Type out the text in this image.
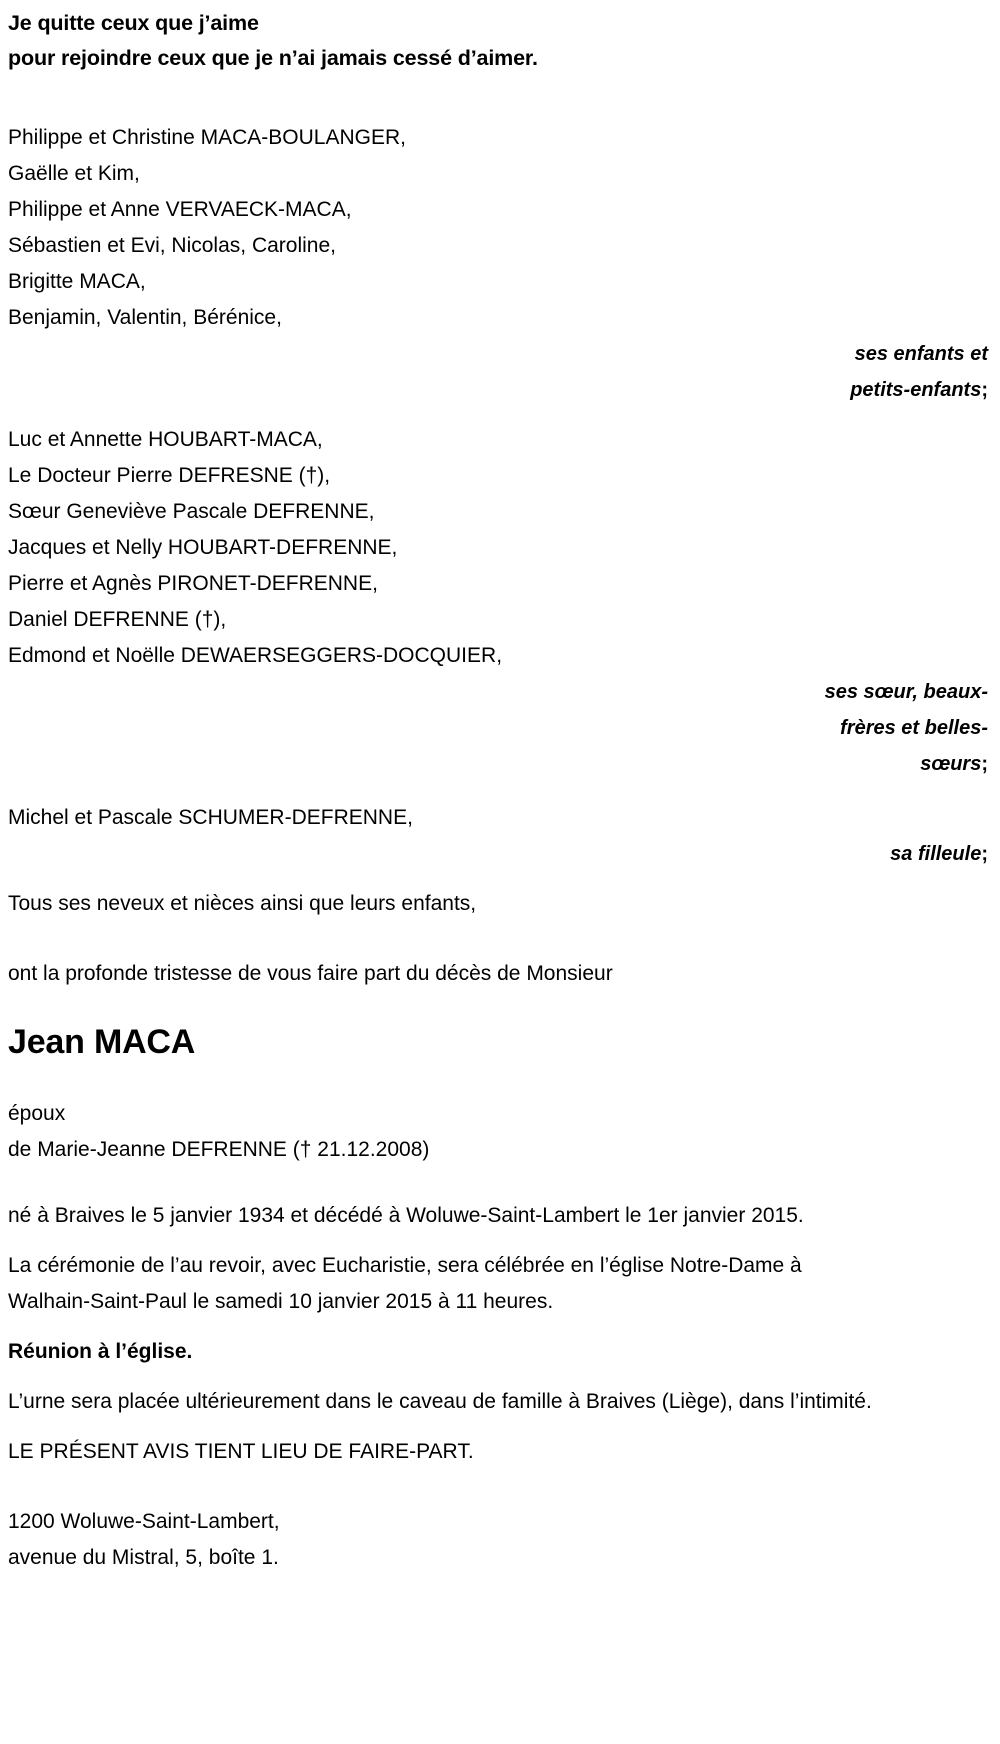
Je quitte ceux que j’aime
pour rejoindre ceux que je n’ai jamais cessé d’aimer.
Philippe et Christine MACA-BOULANGER,
Gaëlle et Kim,
Philippe et Anne VERVAECK-MACA,
Sébastien et Evi, Nicolas, Caroline,
Brigitte MACA,
Benjamin, Valentin, Bérénice,
ses enfants et
petits-enfants;
Luc et Annette HOUBART-MACA,
Le Docteur Pierre DEFRESNE (†),
Sœur Geneviève Pascale DEFRENNE,
Jacques et Nelly HOUBART-DEFRENNE,
Pierre et Agnès PIRONET-DEFRENNE,
Daniel DEFRENNE (†),
Edmond et Noëlle DEWAERSEGGERS-DOCQUIER,
ses sœur, beaux-
frères et belles-
sœurs;
Michel et Pascale SCHUMER-DEFRENNE,
sa filleule;
Tous ses neveux et nièces ainsi que leurs enfants,
ont la profonde tristesse de vous faire part du décès de Monsieur
Jean MACA
époux
de Marie-Jeanne DEFRENNE († 21.12.2008)
né à Braives le 5 janvier 1934 et décédé à Woluwe-Saint-Lambert le 1er janvier 2015.
La cérémonie de l’au revoir, avec Eucharistie, sera célébrée en l’église Notre-Dame à Walhain-Saint-Paul le samedi 10 janvier 2015 à 11 heures.
Réunion à l’église.
L’urne sera placée ultérieurement dans le caveau de famille à Braives (Liège), dans l’intimité.
LE PRÉSENT AVIS TIENT LIEU DE FAIRE-PART.
1200 Woluwe-Saint-Lambert,
avenue du Mistral, 5, boîte 1.
